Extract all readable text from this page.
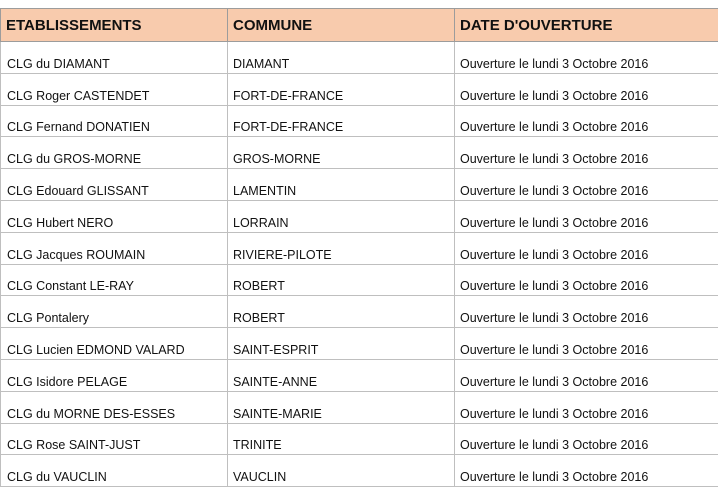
ETABLISSEMENTS	COMMUNE	DATE D'OUVERTURE
CLG du DIAMANT	DIAMANT	Ouverture le lundi 3 Octobre 2016
CLG Roger CASTENDET	FORT-DE-FRANCE	Ouverture le lundi 3 Octobre 2016
CLG Fernand DONATIEN	FORT-DE-FRANCE	Ouverture le lundi 3 Octobre 2016
CLG du GROS-MORNE	GROS-MORNE	Ouverture le lundi 3 Octobre 2016
CLG Edouard GLISSANT	LAMENTIN	Ouverture le lundi 3 Octobre 2016
CLG Hubert NERO	LORRAIN	Ouverture le lundi 3 Octobre 2016
CLG Jacques ROUMAIN	RIVIERE-PILOTE	Ouverture le lundi 3 Octobre 2016
CLG Constant LE-RAY	ROBERT	Ouverture le lundi 3 Octobre 2016
CLG Pontalery	ROBERT	Ouverture le lundi 3 Octobre 2016
CLG Lucien EDMOND VALARD	SAINT-ESPRIT	Ouverture le lundi 3 Octobre 2016
CLG Isidore PELAGE	SAINTE-ANNE	Ouverture le lundi 3 Octobre 2016
CLG du MORNE DES-ESSES	SAINTE-MARIE	Ouverture le lundi 3 Octobre 2016
CLG Rose SAINT-JUST	TRINITE	Ouverture le lundi 3 Octobre 2016
CLG du VAUCLIN	VAUCLIN	Ouverture le lundi 3 Octobre 2016
